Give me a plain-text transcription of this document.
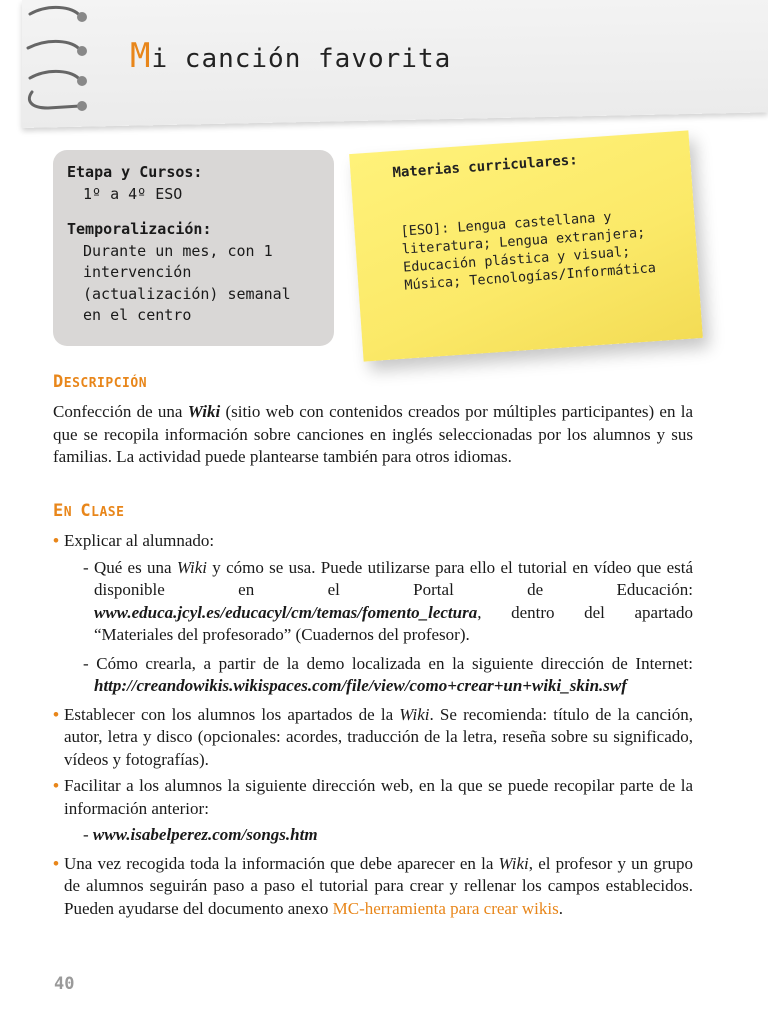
Mi canción favorita
Etapa y Cursos:
1º a 4º ESO
Temporalización:
Durante un mes, con 1
intervención
(actualización) semanal
en el centro
Materias curriculares:
[ESO]: Lengua castellana y
literatura; Lengua extranjera;
Educación plástica y visual;
Música; Tecnologías/Informática
DESCRIPCIÓN
Confección de una Wiki (sitio web con contenidos creados por múltiples participantes) en la que se recopila información sobre canciones en inglés seleccionadas por los alumnos y sus familias. La actividad puede plantearse también para otros idiomas.
EN CLASE
• Explicar al alumnado:
- Qué es una Wiki y cómo se usa. Puede utilizarse para ello el tutorial en vídeo que está disponible en el Portal de Educación: www.educa.jcyl.es/educacyl/cm/temas/fomento_lectura, dentro del apartado “Materiales del profesorado” (Cuadernos del profesor).
- Cómo crearla, a partir de la demo localizada en la siguiente dirección de Internet: http://creandowikis.wikispaces.com/file/view/como+crear+un+wiki_skin.swf
• Establecer con los alumnos los apartados de la Wiki. Se recomienda: título de la canción, autor, letra y disco (opcionales: acordes, traducción de la letra, reseña sobre su significado, vídeos y fotografías).
• Facilitar a los alumnos la siguiente dirección web, en la que se puede recopilar parte de la información anterior:
- www.isabelperez.com/songs.htm
• Una vez recogida toda la información que debe aparecer en la Wiki, el profesor y un grupo de alumnos seguirán paso a paso el tutorial para crear y rellenar los campos establecidos. Pueden ayudarse del documento anexo MC-herramienta para crear wikis.
40
